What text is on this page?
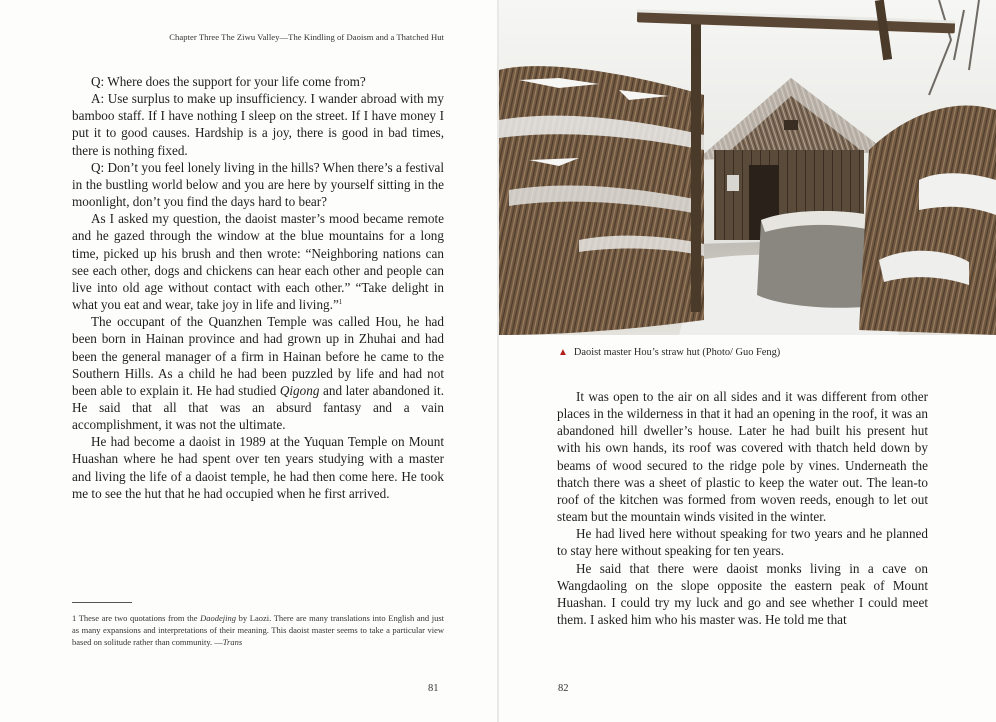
Chapter Three The Ziwu Valley—The Kindling of Daoism and a Thatched Hut

Q: Where does the support for your life come from?

A: Use surplus to make up insufficiency. I wander abroad with my bamboo staff. If I have nothing I sleep on the street. If I have money I put it to good causes. Hardship is a joy, there is good in bad times, there is nothing fixed.

Q: Don’t you feel lonely living in the hills? When there’s a festival in the bustling world below and you are here by yourself sitting in the moonlight, don’t you find the days hard to bear?

As I asked my question, the daoist master’s mood became remote and he gazed through the window at the blue mountains for a long time, picked up his brush and then wrote: “Neighboring nations can see each other, dogs and chickens can hear each other and people can live into old age without contact with each other.” “Take delight in what you eat and wear, take joy in life and living.”$^1$

The occupant of the Quanzhen Temple was called Hou, he had been born in Hainan province and had grown up in Zhuhai and had been the general manager of a firm in Hainan before he came to the Southern Hills. As a child he had been puzzled by life and had not been able to explain it. He had studied Qigong and later abandoned it. He said that all that was an absurd fantasy and a vain accomplishment, it was not the ultimate.

He had become a daoist in 1989 at the Yuquan Temple on Mount Huashan where he had spent over ten years studying with a master and living the life of a daoist temple, he had then come here. He took me to see the hut that he had occupied when he first arrived.

1 These are two quotations from the Daodejing by Laozi. There are many translations into English and just as many expansions and interpretations of their meaning. This daoist master seems to take a particular view based on solitude rather than community. —Trans
81
▲ Daoist master Hou’s straw hut (Photo/ Guo Feng)

It was open to the air on all sides and it was different from other places in the wilderness in that it had an opening in the roof, it was an abandoned hill dweller’s house. Later he had built his present hut with his own hands, its roof was covered with thatch held down by beams of wood secured to the ridge pole by vines. Underneath the thatch there was a sheet of plastic to keep the water out. The lean-to roof of the kitchen was formed from woven reeds, enough to let out steam but the mountain winds visited in the winter.

He had lived here without speaking for two years and he planned to stay here without speaking for ten years.

He said that there were daoist monks living in a cave on Wangdaoling on the slope opposite the eastern peak of Mount Huashan. I could try my luck and go and see whether I could meet them. I asked him who his master was. He told me that

82
